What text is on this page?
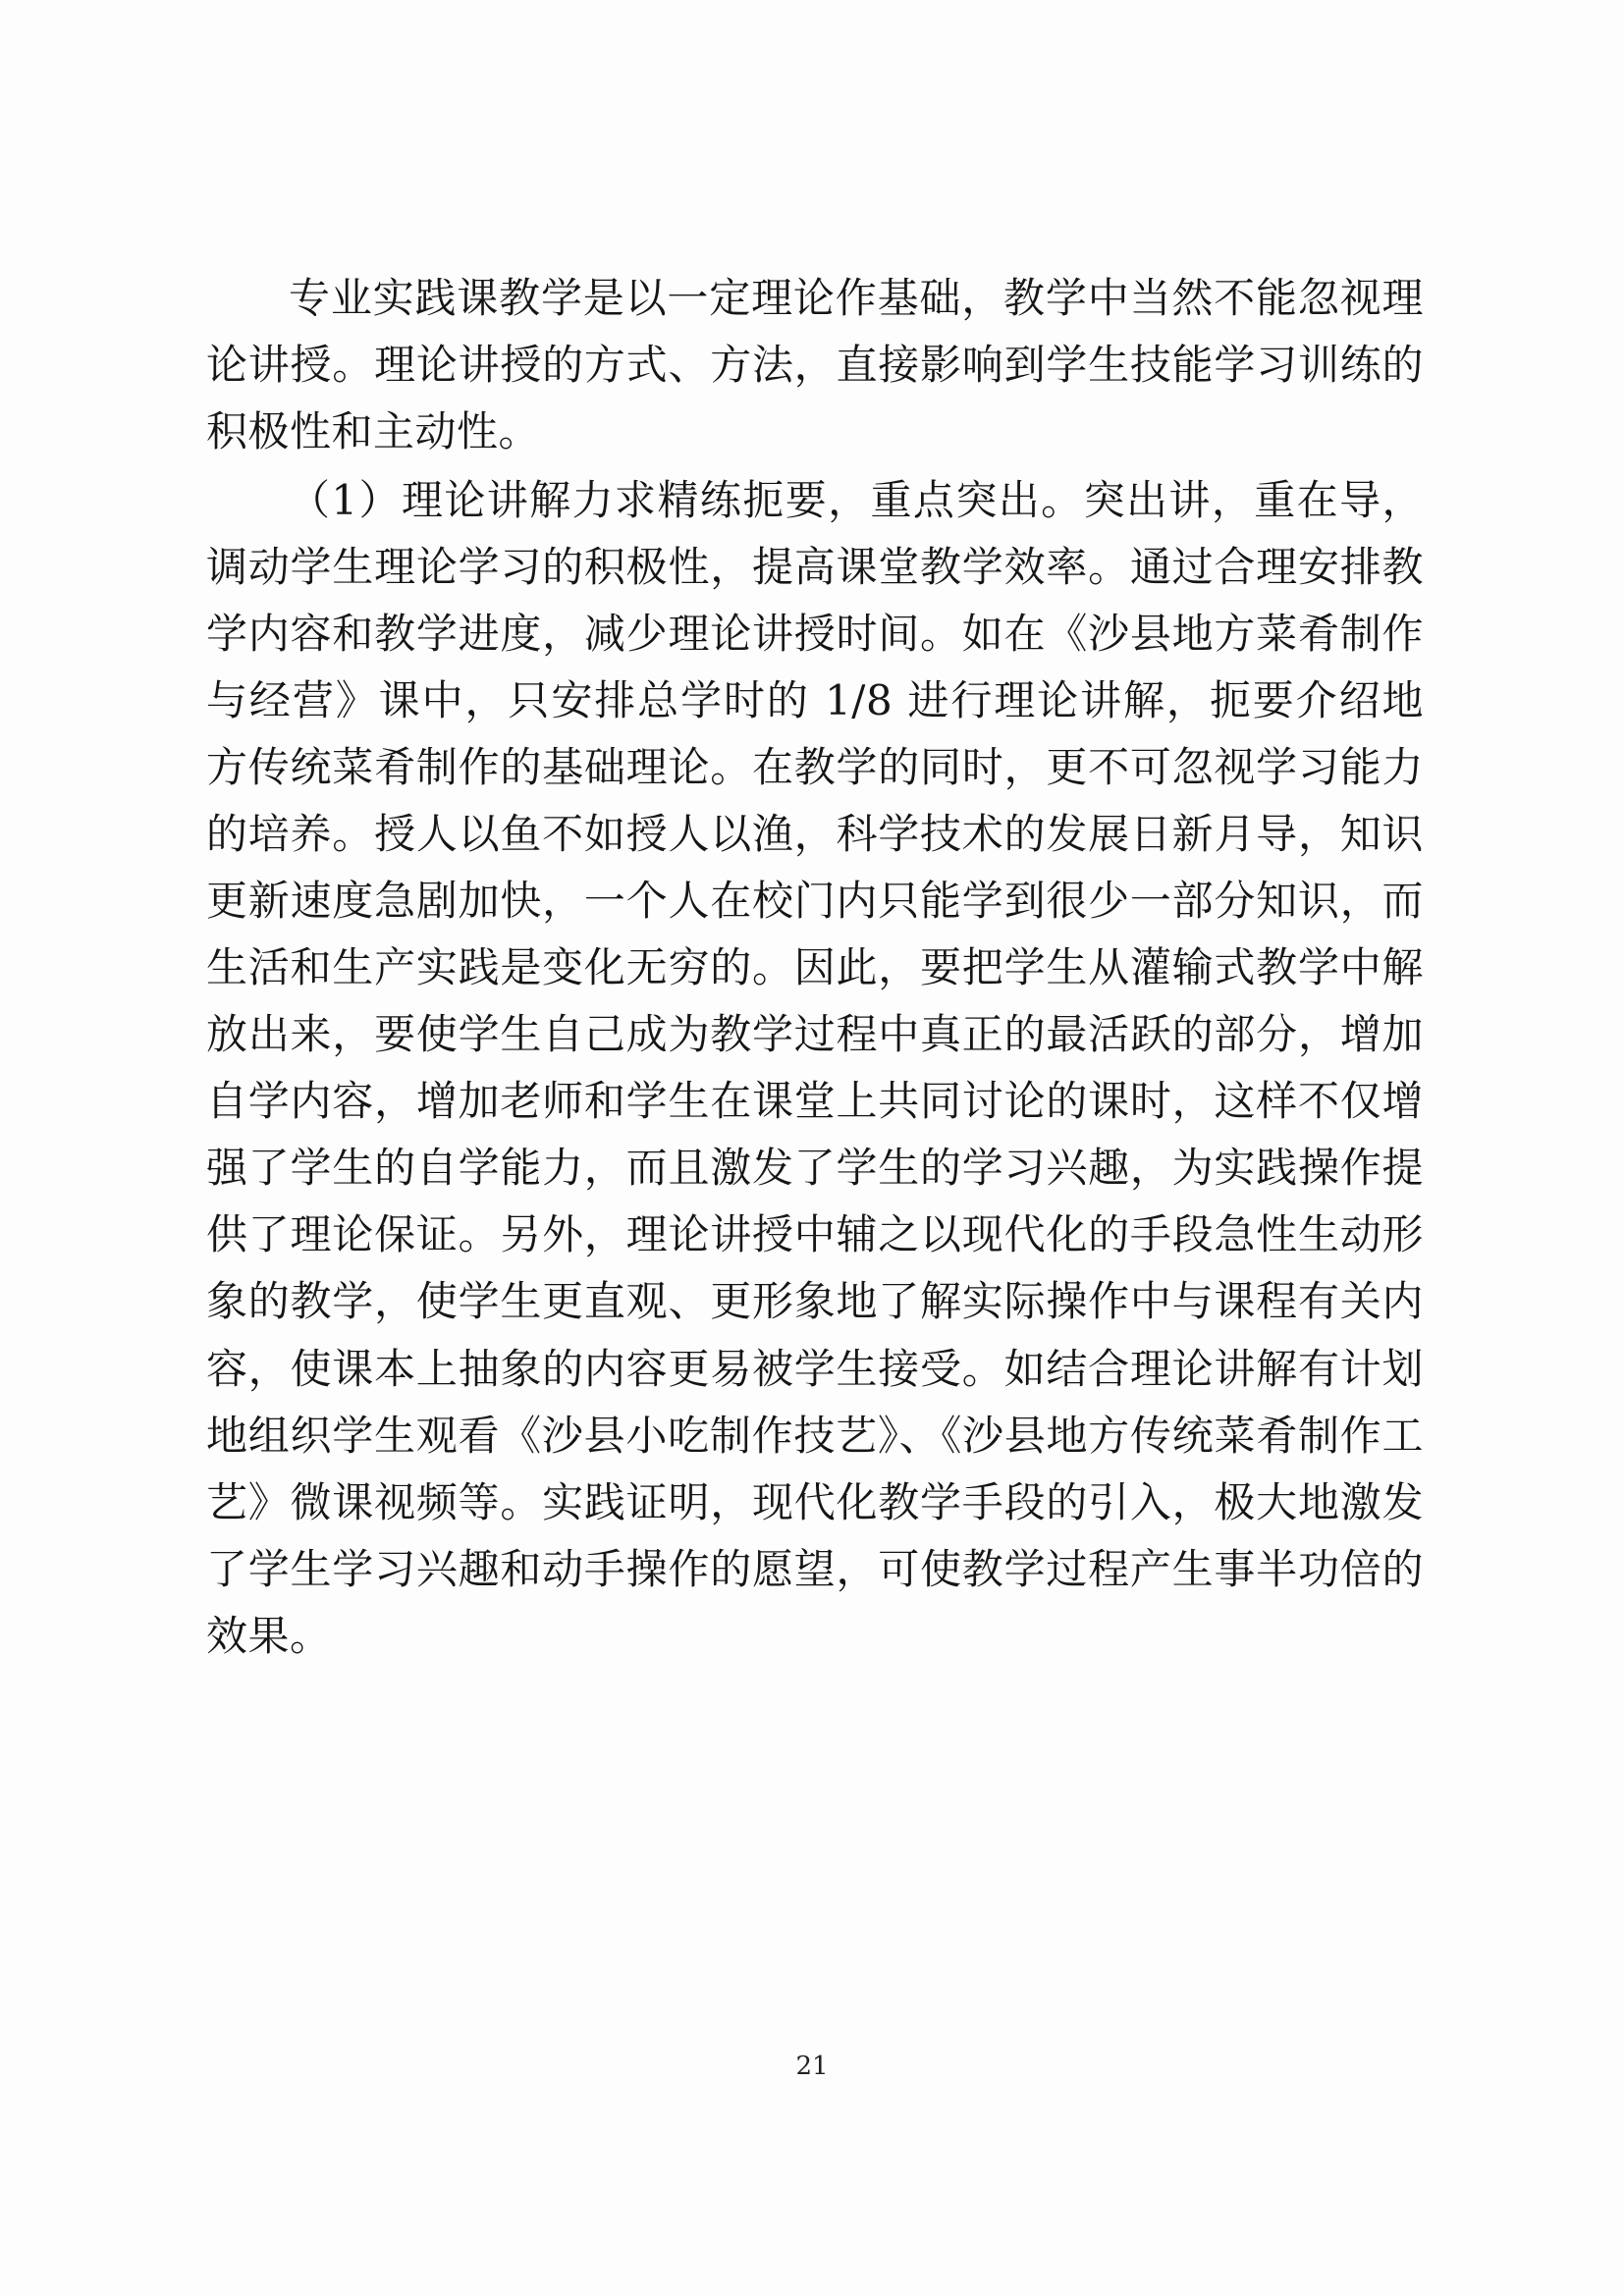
专业实践课教学是以一定理论作基础，教学中当然不能忽视理论讲授。理论讲授的方式、方法，直接影响到学生技能学习训练的积极性和主动性。

（1）理论讲解力求精练扼要，重点突出。突出讲，重在导，调动学生理论学习的积极性，提高课堂教学效率。通过合理安排教学内容和教学进度，减少理论讲授时间。如在《沙县地方菜肴制作与经营》课中，只安排总学时的 1/8 进行理论讲解，扼要介绍地方传统菜肴制作的基础理论。在教学的同时，更不可忽视学习能力的培养。授人以鱼不如授人以渔，科学技术的发展日新月导，知识更新速度急剧加快，一个人在校门内只能学到很少一部分知识，而生活和生产实践是变化无穷的。因此，要把学生从灌输式教学中解放出来，要使学生自己成为教学过程中真正的最活跃的部分，增加自学内容，增加老师和学生在课堂上共同讨论的课时，这样不仅增强了学生的自学能力，而且激发了学生的学习兴趣，为实践操作提供了理论保证。另外，理论讲授中辅之以现代化的手段急性生动形象的教学，使学生更直观、更形象地了解实际操作中与课程有关内容，使课本上抽象的内容更易被学生接受。如结合理论讲解有计划地组织学生观看《沙县小吃制作技艺》、《沙县地方传统菜肴制作工艺》微课视频等。实践证明，现代化教学手段的引入，极大地激发了学生学习兴趣和动手操作的愿望，可使教学过程产生事半功倍的效果。

21
